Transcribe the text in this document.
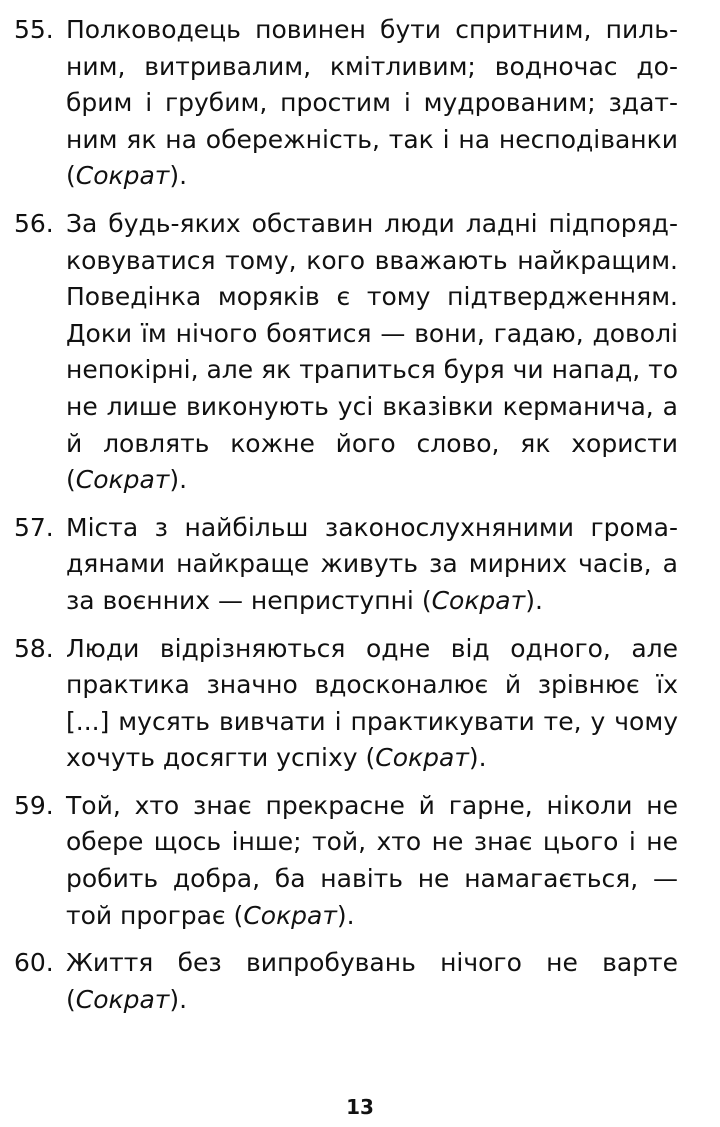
55. Полководець повинен бути спритним, пильним, витривалим, кмітливим; водночас добрим і грубим, простим і мудрованим; здатним як на обережність, так і на несподіванки (Сократ).

56. За будь-яких обставин люди ладні підпорядковуватися тому, кого вважають найкращим. Поведінка моряків є тому підтвердженням. Доки їм нічого боятися — вони, гадаю, доволі непокірні, але як трапиться буря чи напад, то не лише виконують усі вказівки керманича, а й ловлять кожне його слово, як хористи (Сократ).

57. Міста з найбільш законослухняними громадянами найкраще живуть за мирних часів, а за воєнних — неприступні (Сократ).

58. Люди відрізняються одне від одного, але практика значно вдосконалює й зрівнює їх [...] мусять вивчати і практикувати те, у чому хочуть досягти успіху (Сократ).

59. Той, хто знає прекрасне й гарне, ніколи не обере щось інше; той, хто не знає цього і не робить добра, ба навіть не намагається, — той програє (Сократ).

60. Життя без випробувань нічого не варте (Сократ).

13
